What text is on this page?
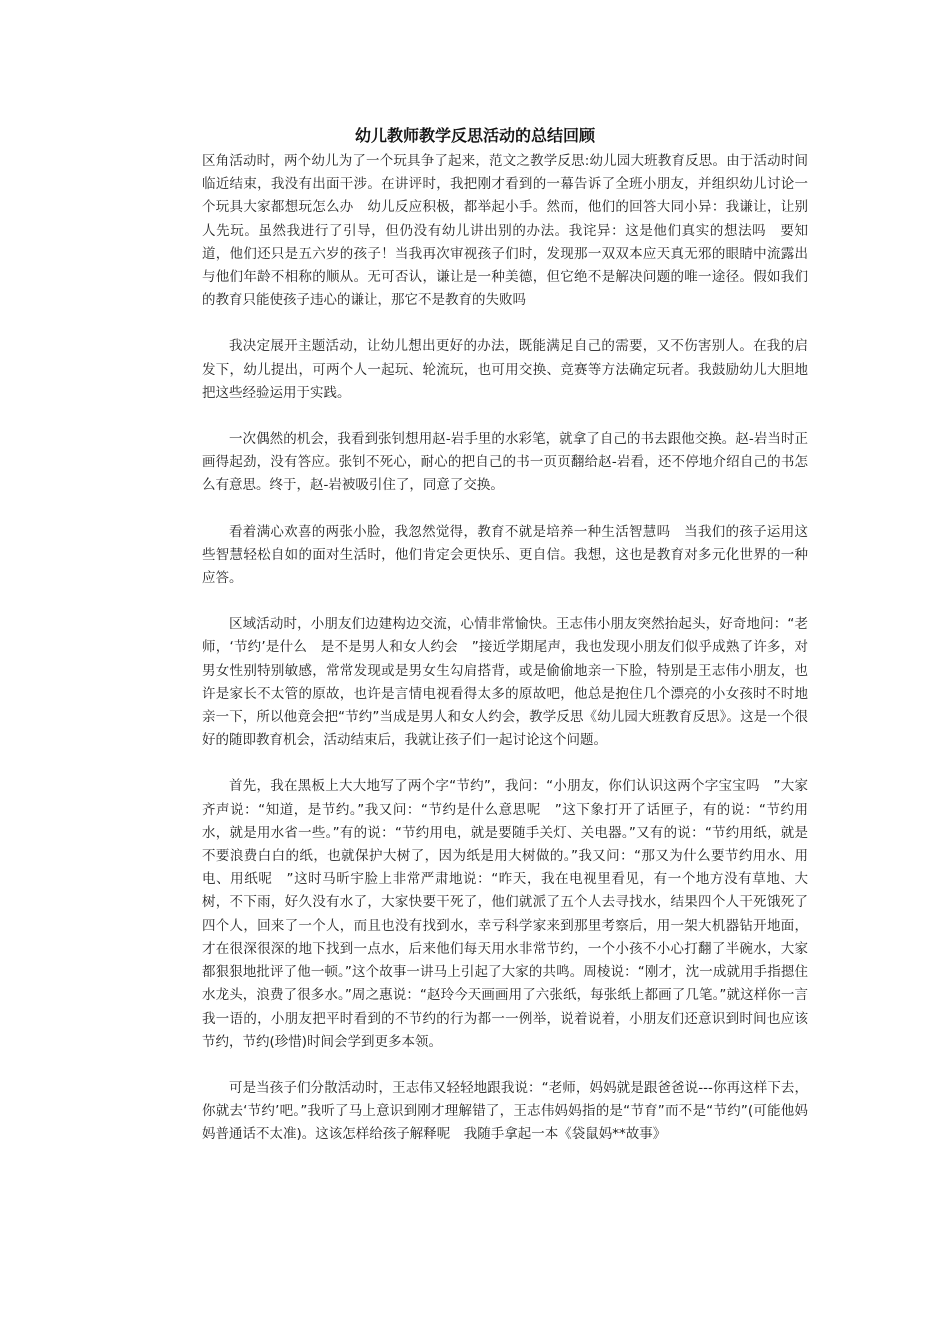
幼儿教师教学反思活动的总结回顾

区角活动时，两个幼儿为了一个玩具争了起来，范文之教学反思:幼儿园大班教育反思。由于活动时间临近结束，我没有出面干涉。在讲评时，我把刚才看到的一幕告诉了全班小朋友，并组织幼儿讨论一个玩具大家都想玩怎么办　幼儿反应积极，都举起小手。然而，他们的回答大同小异：我谦让，让别人先玩。虽然我进行了引导，但仍没有幼儿讲出别的办法。我诧异：这是他们真实的想法吗　要知道，他们还只是五六岁的孩子！当我再次审视孩子们时，发现那一双双本应天真无邪的眼睛中流露出与他们年龄不相称的顺从。无可否认，谦让是一种美德，但它绝不是解决问题的唯一途径。假如我们的教育只能使孩子违心的谦让，那它不是教育的失败吗

我决定展开主题活动，让幼儿想出更好的办法，既能满足自己的需要，又不伤害别人。在我的启发下，幼儿提出，可两个人一起玩、轮流玩，也可用交换、竞赛等方法确定玩者。我鼓励幼儿大胆地把这些经验运用于实践。

一次偶然的机会，我看到张钊想用赵-岩手里的水彩笔，就拿了自己的书去跟他交换。赵-岩当时正画得起劲，没有答应。张钊不死心，耐心的把自己的书一页页翻给赵-岩看，还不停地介绍自己的书怎么有意思。终于，赵-岩被吸引住了，同意了交换。

看着满心欢喜的两张小脸，我忽然觉得，教育不就是培养一种生活智慧吗　当我们的孩子运用这些智慧轻松自如的面对生活时，他们肯定会更快乐、更自信。我想，这也是教育对多元化世界的一种应答。

区域活动时，小朋友们边建构边交流，心情非常愉快。王志伟小朋友突然抬起头，好奇地问：“老师，‘节约’是什么　是不是男人和女人约会　”接近学期尾声，我也发现小朋友们似乎成熟了许多，对男女性别特别敏感，常常发现或是男女生勾肩搭背，或是偷偷地亲一下脸，特别是王志伟小朋友，也许是家长不太管的原故，也许是言情电视看得太多的原故吧，他总是抱住几个漂亮的小女孩时不时地亲一下，所以他竟会把“节约”当成是男人和女人约会，教学反思《幼儿园大班教育反思》。这是一个很好的随即教育机会，活动结束后，我就让孩子们一起讨论这个问题。

首先，我在黑板上大大地写了两个字“节约”，我问：“小朋友，你们认识这两个字宝宝吗　”大家齐声说：“知道，是节约。”我又问：“节约是什么意思呢　”这下象打开了话匣子，有的说：“节约用水，就是用水省一些。”有的说：“节约用电，就是要随手关灯、关电器。”又有的说：“节约用纸，就是不要浪费白白的纸，也就保护大树了，因为纸是用大树做的。”我又问：“那又为什么要节约用水、用电、用纸呢　”这时马昕宇脸上非常严肃地说：“昨天，我在电视里看见，有一个地方没有草地、大树，不下雨，好久没有水了，大家快要干死了，他们就派了五个人去寻找水，结果四个人干死饿死了四个人，回来了一个人，而且也没有找到水，幸亏科学家来到那里考察后，用一架大机器钻开地面，才在很深很深的地下找到一点水，后来他们每天用水非常节约，一个小孩不小心打翻了半碗水，大家都狠狠地批评了他一顿。”这个故事一讲马上引起了大家的共鸣。周棱说：“刚才，沈一成就用手指摁住水龙头，浪费了很多水。”周之惠说：“赵玲今天画画用了六张纸，每张纸上都画了几笔。”就这样你一言我一语的，小朋友把平时看到的不节约的行为都一一例举，说着说着，小朋友们还意识到时间也应该节约，节约(珍惜)时间会学到更多本领。

可是当孩子们分散活动时，王志伟又轻轻地跟我说：“老师，妈妈就是跟爸爸说---你再这样下去，你就去‘节约’吧。”我听了马上意识到刚才理解错了，王志伟妈妈指的是“节育”而不是“节约”(可能他妈妈普通话不太准)。这该怎样给孩子解释呢　我随手拿起一本《袋鼠妈**故事》
